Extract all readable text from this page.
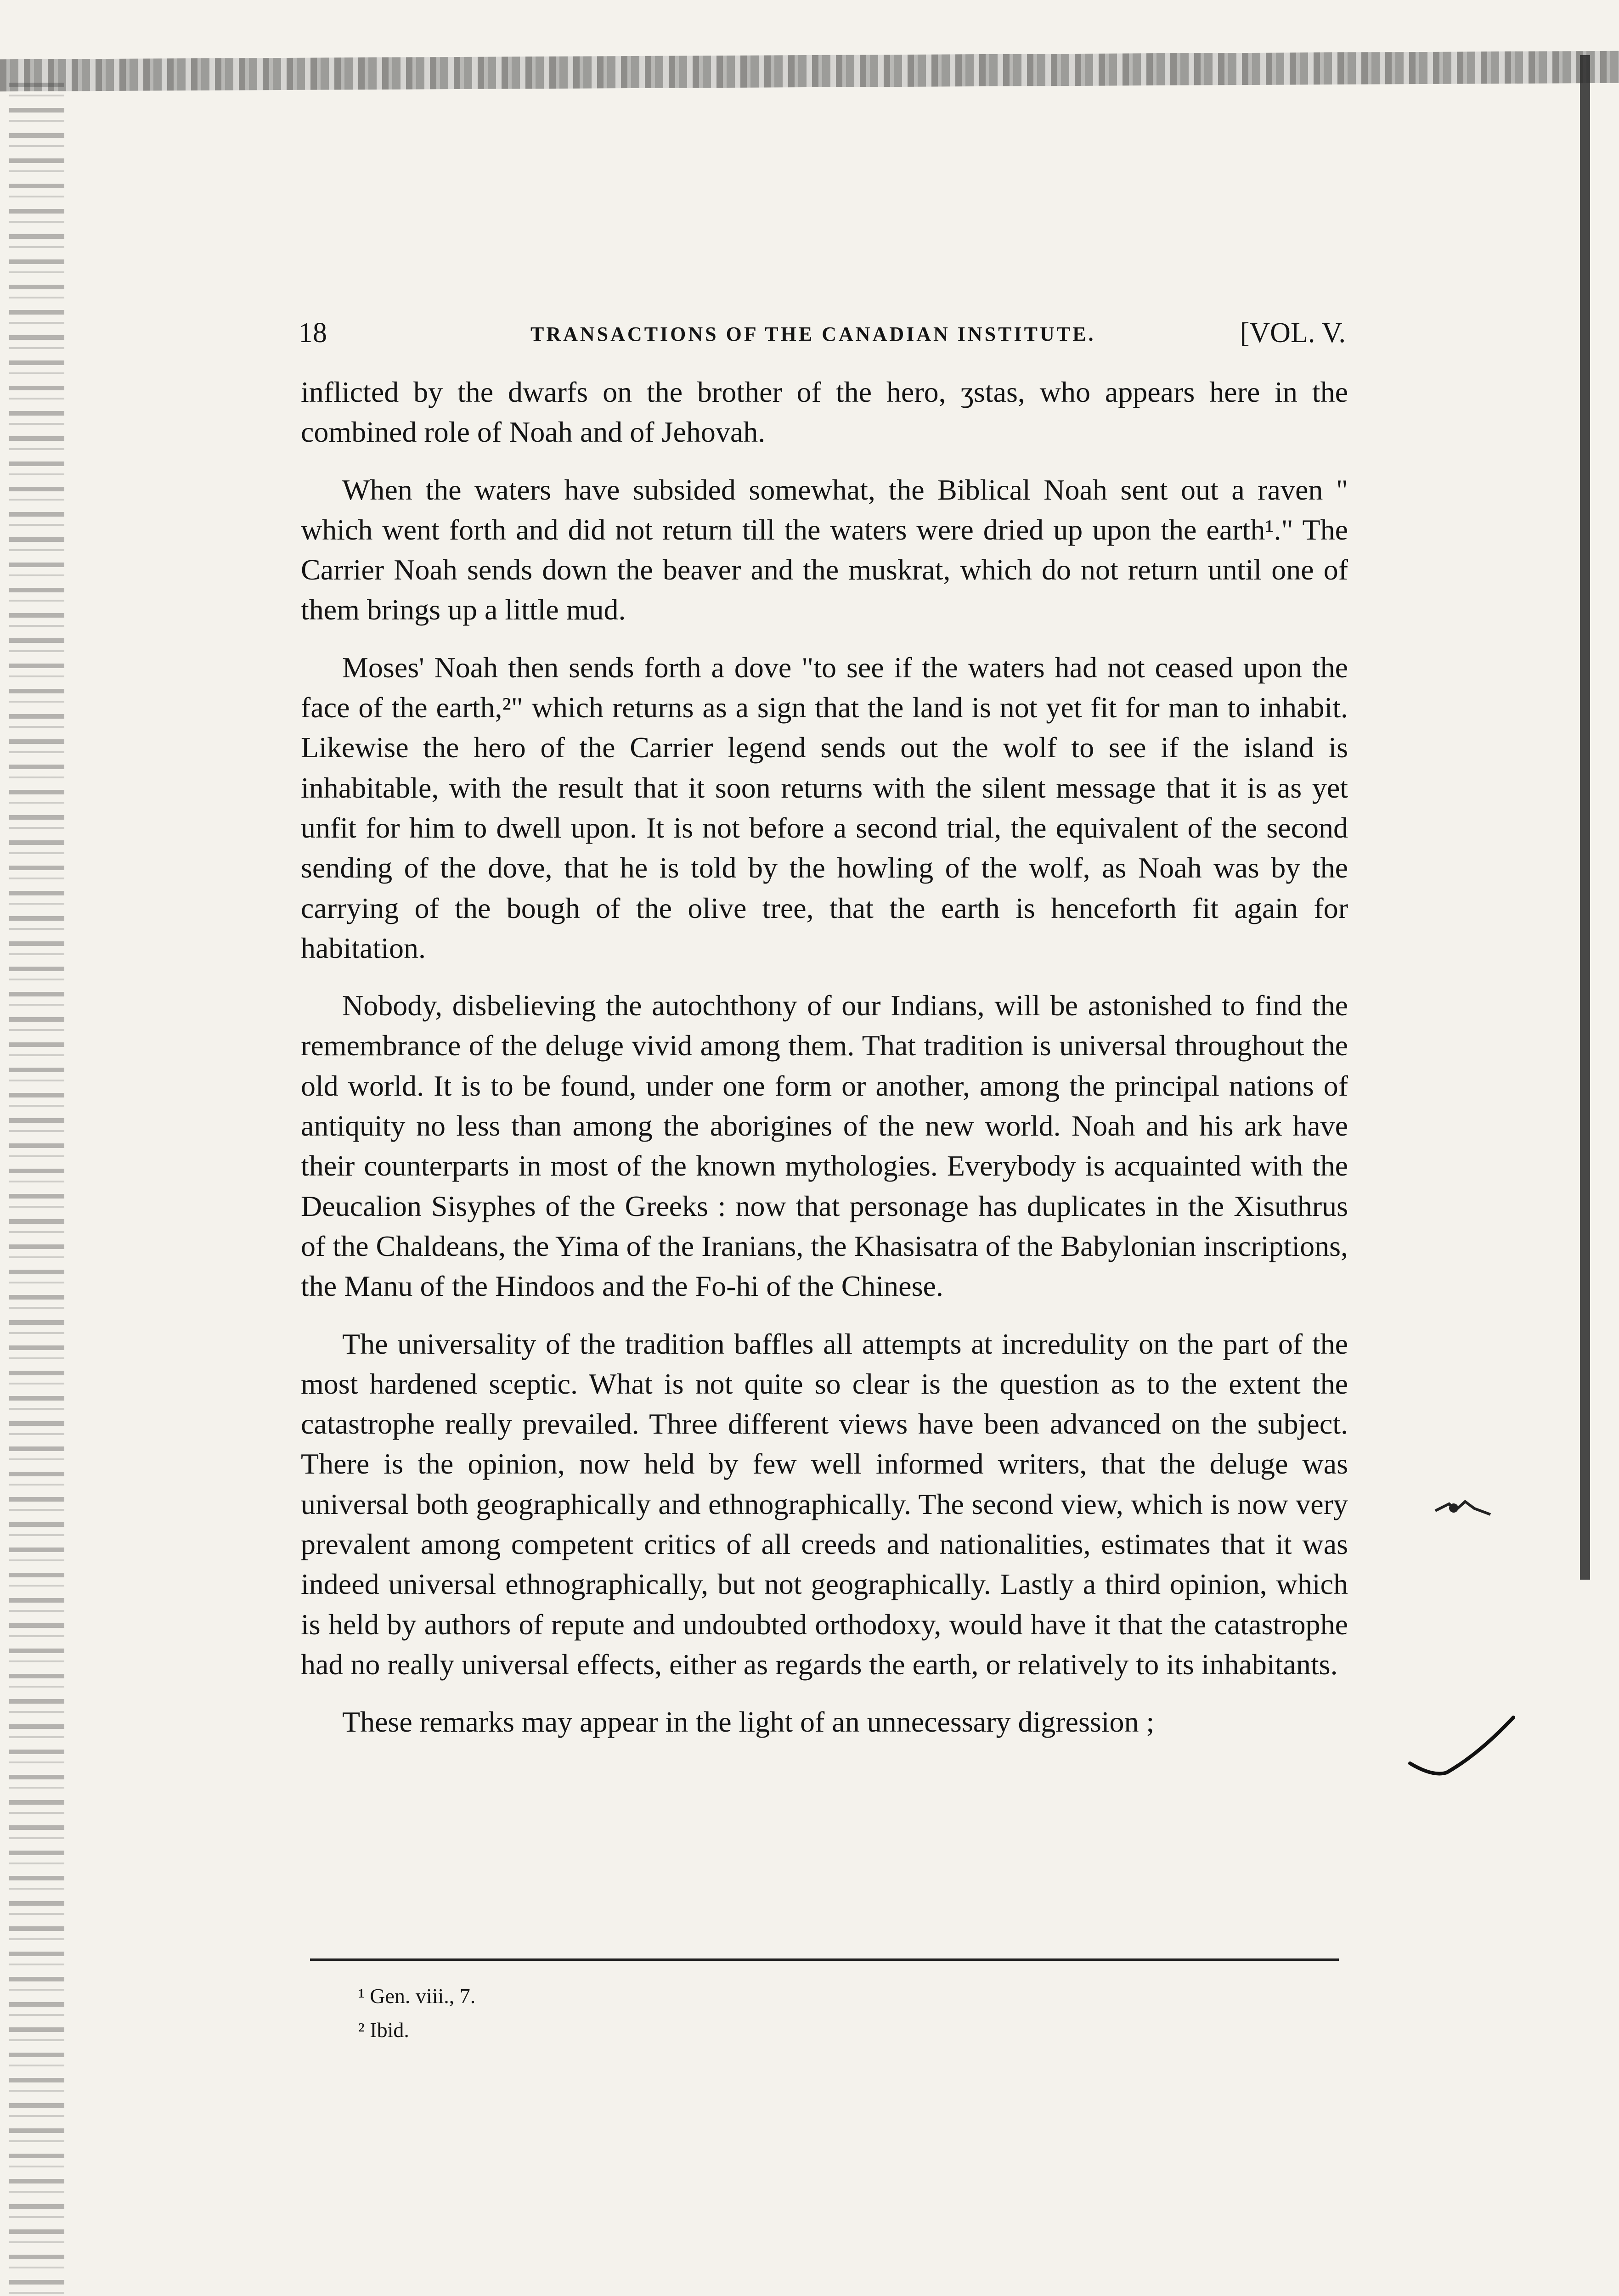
18	TRANSACTIONS OF THE CANADIAN INSTITUTE.	[VOL. V.

inflicted by the dwarfs on the brother of the hero, ʒstas, who appears here in the combined role of Noah and of Jehovah.

When the waters have subsided somewhat, the Biblical Noah sent out a raven " which went forth and did not return till the waters were dried up upon the earth¹." The Carrier Noah sends down the beaver and the muskrat, which do not return until one of them brings up a little mud.

Moses' Noah then sends forth a dove "to see if the waters had not ceased upon the face of the earth,²" which returns as a sign that the land is not yet fit for man to inhabit. Likewise the hero of the Carrier legend sends out the wolf to see if the island is inhabitable, with the result that it soon returns with the silent message that it is as yet unfit for him to dwell upon. It is not before a second trial, the equivalent of the second sending of the dove, that he is told by the howling of the wolf, as Noah was by the carrying of the bough of the olive tree, that the earth is henceforth fit again for habitation.

Nobody, disbelieving the autochthony of our Indians, will be astonished to find the remembrance of the deluge vivid among them. That tradition is universal throughout the old world. It is to be found, under one form or another, among the principal nations of antiquity no less than among the aborigines of the new world. Noah and his ark have their counterparts in most of the known mythologies. Everybody is acquainted with the Deucalion Sisyphes of the Greeks : now that personage has duplicates in the Xisuthrus of the Chaldeans, the Yima of the Iranians, the Khasisatra of the Babylonian inscriptions, the Manu of the Hindoos and the Fo-hi of the Chinese.

The universality of the tradition baffles all attempts at incredulity on the part of the most hardened sceptic. What is not quite so clear is the question as to the extent the catastrophe really prevailed. Three different views have been advanced on the subject. There is the opinion, now held by few well informed writers, that the deluge was universal both geographically and ethnographically. The second view, which is now very prevalent among competent critics of all creeds and nationalities, estimates that it was indeed universal ethnographically, but not geographically. Lastly a third opinion, which is held by authors of repute and undoubted orthodoxy, would have it that the catastrophe had no really universal effects, either as regards the earth, or relatively to its inhabitants.

These remarks may appear in the light of an unnecessary digression ;

¹ Gen. viii., 7.

² Ibid.
